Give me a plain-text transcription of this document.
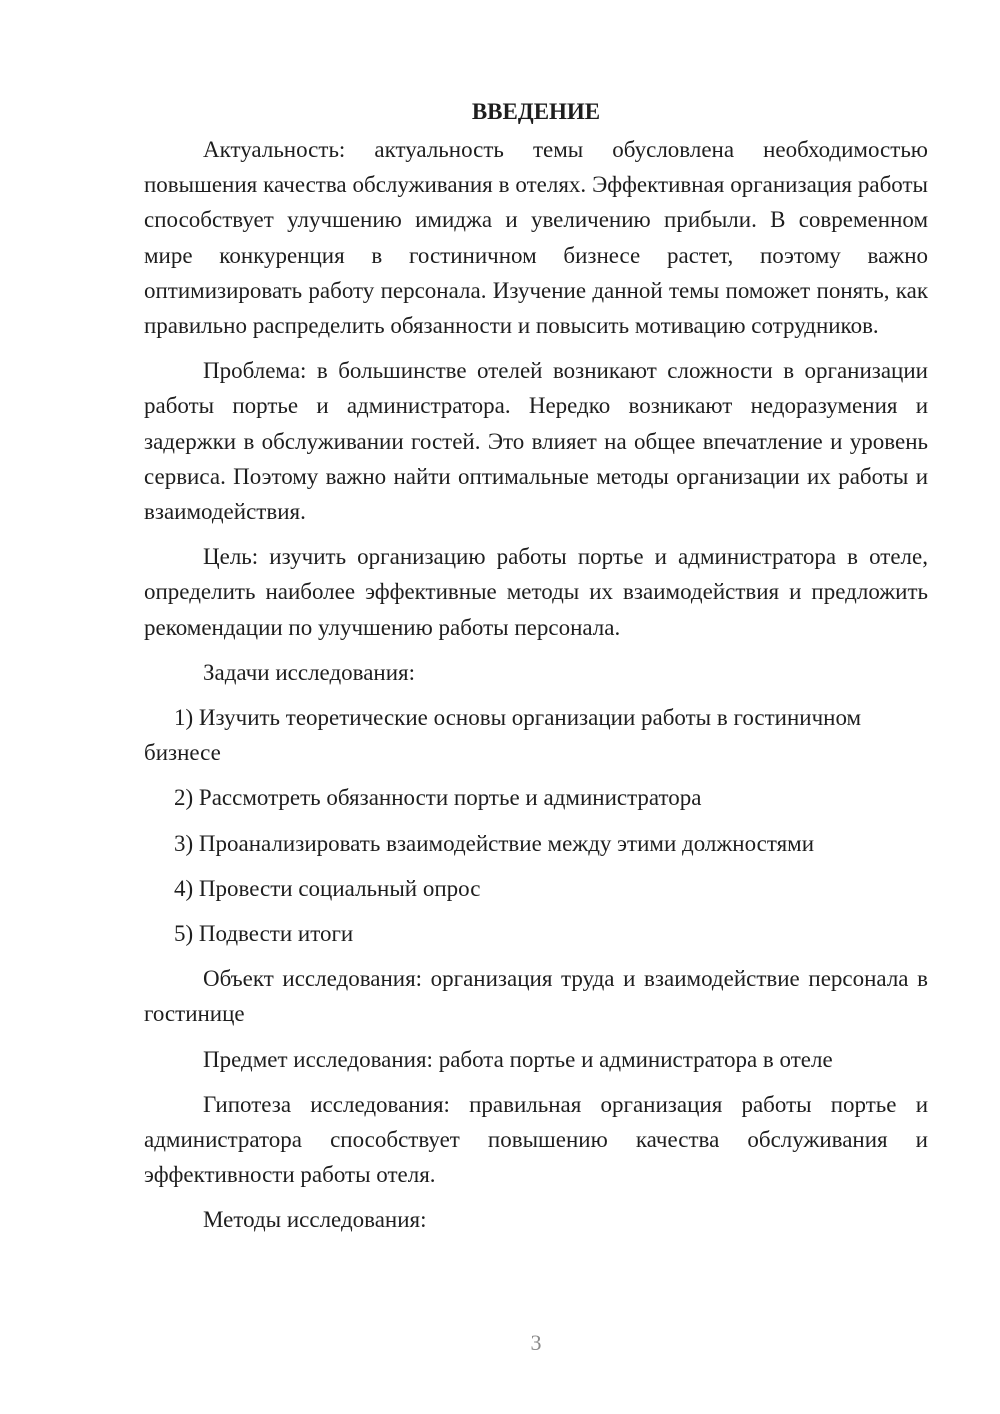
ВВЕДЕНИЕ

Актуальность: актуальность темы обусловлена необходимостью повышения качества обслуживания в отелях. Эффективная организация работы способствует улучшению имиджа и увеличению прибыли. В современном мире конкуренция в гостиничном бизнесе растет, поэтому важно оптимизировать работу персонала. Изучение данной темы поможет понять, как правильно распределить обязанности и повысить мотивацию сотрудников.

Проблема: в большинстве отелей возникают сложности в организации работы портье и администратора. Нередко возникают недоразумения и задержки в обслуживании гостей. Это влияет на общее впечатление и уровень сервиса. Поэтому важно найти оптимальные методы организации их работы и взаимодействия.

Цель: изучить организацию работы портье и администратора в отеле, определить наиболее эффективные методы их взаимодействия и предложить рекомендации по улучшению работы персонала.

Задачи исследования:

1) Изучить теоретические основы организации работы в гостиничном бизнесе

2) Рассмотреть обязанности портье и администратора

3) Проанализировать взаимодействие между этими должностями

4) Провести социальный опрос

5) Подвести итоги

Объект исследования: организация труда и взаимодействие персонала в гостинице

Предмет исследования: работа портье и администратора в отеле

Гипотеза исследования: правильная организация работы портье и администратора способствует повышению качества обслуживания и эффективности работы отеля.

Методы исследования:

3
